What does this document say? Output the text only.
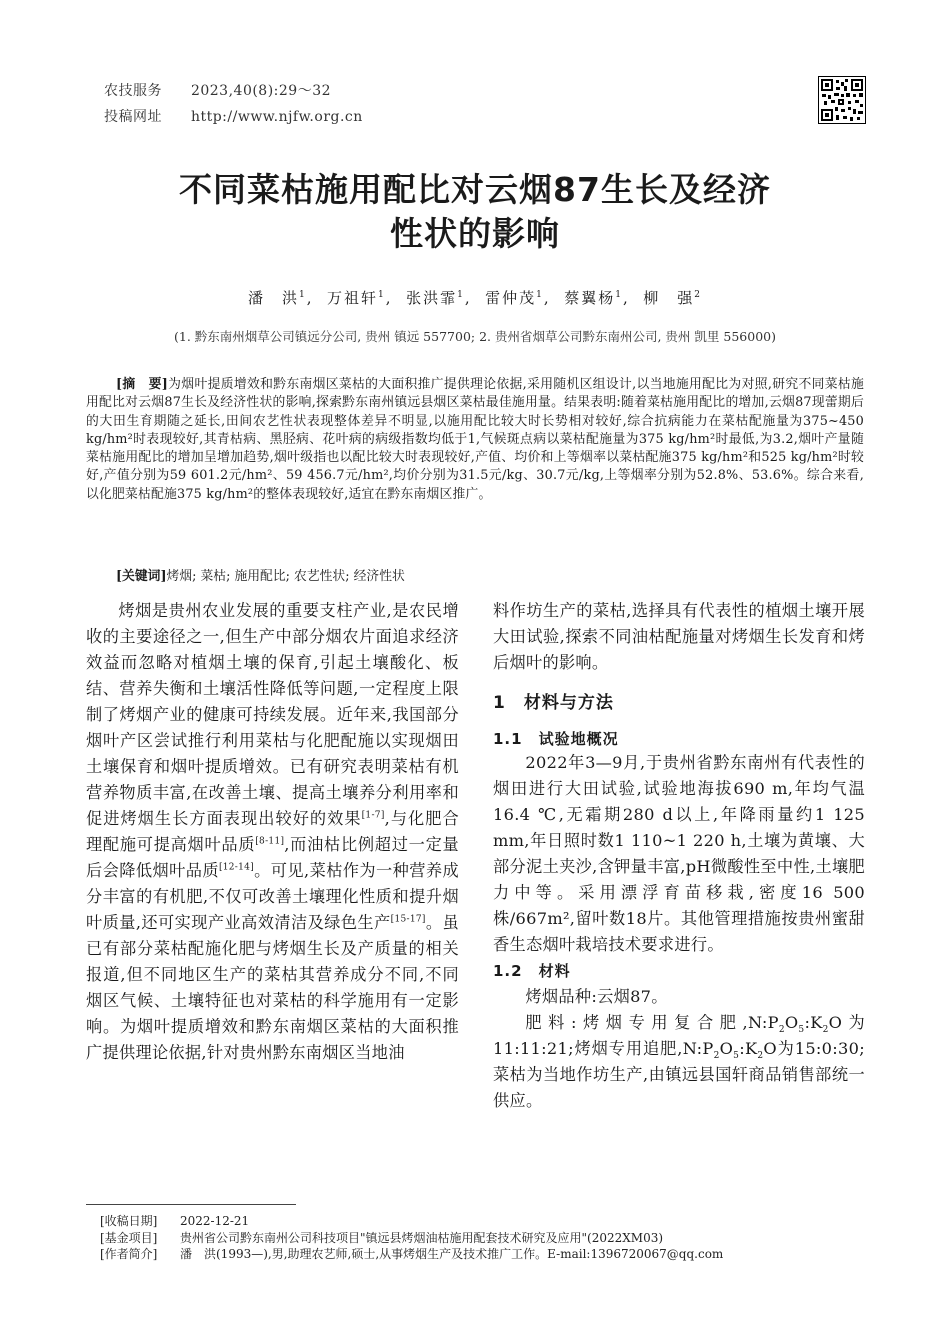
农技服务 2023,40(8):29～32
投稿网址 http://www.njfw.org.cn
不同菜枯施用配比对云烟87生长及经济
性状的影响
潘　洪$^1$,  万祖轩$^1$,  张洪霏$^1$,  雷仲茂$^1$,  蔡翼杨$^1$,  柳　强$^2$
(1. 黔东南州烟草公司镇远分公司, 贵州 镇远 557700; 2. 贵州省烟草公司黔东南州公司, 贵州 凯里 556000)
[摘　要]为烟叶提质增效和黔东南烟区菜枯的大面积推广提供理论依据,采用随机区组设计,以当地施用配比为对照,研究不同菜枯施用配比对云烟87生长及经济性状的影响,探索黔东南州镇远县烟区菜枯最佳施用量。结果表明:随着菜枯施用配比的增加,云烟87现蕾期后的大田生育期随之延长,田间农艺性状表现整体差异不明显,以施用配比较大时长势相对较好,综合抗病能力在菜枯配施量为375~450 kg/hm²时表现较好,其青枯病、黑胫病、花叶病的病级指数均低于1,气候斑点病以菜枯配施量为375 kg/hm²时最低,为3.2,烟叶产量随菜枯施用配比的增加呈增加趋势,烟叶级指也以配比较大时表现较好,产值、均价和上等烟率以菜枯配施375 kg/hm²和525 kg/hm²时较好,产值分别为59 601.2元/hm²、59 456.7元/hm²,均价分别为31.5元/kg、30.7元/kg,上等烟率分别为52.8%、53.6%。综合来看,以化肥菜枯配施375 kg/hm²的整体表现较好,适宜在黔东南烟区推广。
[关键词]烤烟; 菜枯; 施用配比; 农艺性状; 经济性状

烤烟是贵州农业发展的重要支柱产业,是农民增收的主要途径之一,但生产中部分烟农片面追求经济效益而忽略对植烟土壤的保育,引起土壤酸化、板结、营养失衡和土壤活性降低等问题,一定程度上限制了烤烟产业的健康可持续发展。近年来,我国部分烟叶产区尝试推行利用菜枯与化肥配施以实现烟田土壤保育和烟叶提质增效。已有研究表明菜枯有机营养物质丰富,在改善土壤、提高土壤养分利用率和促进烤烟生长方面表现出较好的效果[1-7],与化肥合理配施可提高烟叶品质[8-11],而油枯比例超过一定量后会降低烟叶品质[12-14]。可见,菜枯作为一种营养成分丰富的有机肥,不仅可改善土壤理化性质和提升烟叶质量,还可实现产业高效清洁及绿色生产[15-17]。虽已有部分菜枯配施化肥与烤烟生长及产质量的相关报道,但不同地区生产的菜枯其营养成分不同,不同烟区气候、土壤特征也对菜枯的科学施用有一定影响。为烟叶提质增效和黔东南烟区菜枯的大面积推广提供理论依据,针对贵州黔东南烟区当地油

料作坊生产的菜枯,选择具有代表性的植烟土壤开展大田试验,探索不同油枯配施量对烤烟生长发育和烤后烟叶的影响。

1　材料与方法
1.1　试验地概况

2022年3—9月,于贵州省黔东南州有代表性的烟田进行大田试验,试验地海拔690 m,年均气温16.4 ℃,无霜期280 d以上,年降雨量约1 125 mm,年日照时数1 110~1 220 h,土壤为黄壤、大部分泥土夹沙,含钾量丰富,pH微酸性至中性,土壤肥力中等。采用漂浮育苗移栽,密度16 500株/667m²,留叶数18片。其他管理措施按贵州蜜甜香生态烟叶栽培技术要求进行。

1.2　材料

烤烟品种:云烟87。

肥料:烤烟专用复合肥$,N:P_2O_5:K_2O$为11:11:21;烤烟专用追肥$,N:P_2O_5:K_2O$为15:0:30;菜枯为当地作坊生产,由镇远县国轩商品销售部统一供应。

[收稿日期] 2022-12-21
[基金项目] 贵州省公司黔东南州公司科技项目"镇远县烤烟油枯施用配套技术研究及应用"(2022XM03)
[作者简介] 潘　洪(1993—),男,助理农艺师,硕士,从事烤烟生产及技术推广工作。E-mail:1396720067@qq.com
